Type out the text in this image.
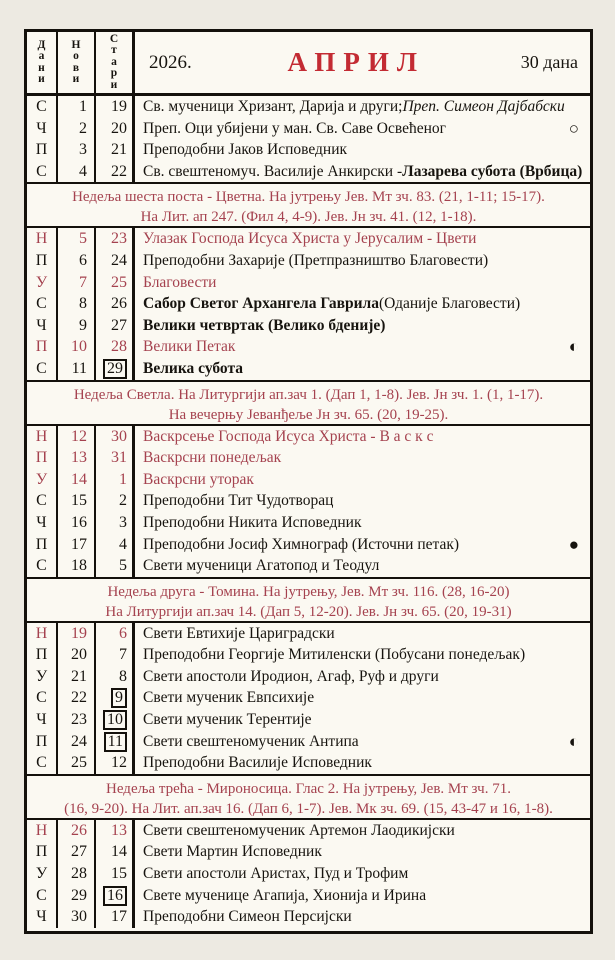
Д
а
н
и
Н
о
в
и
С
т
а
р
и
2026.	АПРИЛ	30 дана
С	1	19	Св. мученици Хризант, Дарија и други; Преп. Симеон Дајбабски
Ч	2	20	Преп. Оци убијени у ман. Св. Саве Освећеног	○
П	3	21	Преподобни Јаков Исповедник
С	4	22	Св. свештеномуч. Василије Анкирски - Лазарева субота (Врбица)
Недеља шеста поста - Цветна. На јутрењу Јев. Мт зч. 83. (21, 1-11; 15-17).
На Лит. ап 247. (Фил 4, 4-9). Јев. Јн зч. 41. (12, 1-18).
Н	5	23	Улазак Господа Исуса Христа у Јерусалим - Цвети
П	6	24	Преподобни Захарије (Претпразништво Благовести)
У	7	25	Благовести
С	8	26	Сабор Светог Архангела Гаврила (Оданије Благовести)
Ч	9	27	Велики четвртак (Велико бденије)
П	10	28	Велики Петак	◐
С	11	29	Велика субота
Недеља Светла. На Литургији ап.зач 1. (Дап 1, 1-8). Јев. Јн зч. 1. (1, 1-17).
На вечерњу Јеванђеље Јн зч. 65. (20, 19-25).
Н	12	30	Васкрсење Господа Исуса Христа - В а с к с
П	13	31	Васкрсни понедељак
У	14	1	Васкрсни уторак
С	15	2	Преподобни Тит Чудотворац
Ч	16	3	Преподобни Никита Исповедник
П	17	4	Преподобни Јосиф Химнограф (Источни петак)	●
С	18	5	Свети мученици Агатопод и Теодул
Недеља друга - Томина. На јутрењу, Јев. Мт зч. 116. (28, 16-20)
На Литургији ап.зач 14. (Дап 5, 12-20). Јев. Јн зч. 65. (20, 19-31)
Н	19	6	Свети Евтихије Цариградски
П	20	7	Преподобни Георгије Митиленски (Побусани понедељак)
У	21	8	Свети апостоли Иродион, Агаф, Руф и други
С	22	9	Свети мученик Евпсихије
Ч	23	10	Свети мученик Терентије
П	24	11	Свети свештеномученик Антипа	◐
С	25	12	Преподобни Василије Исповедник
Недеља трећа - Мироносица. Глас 2. На јутрењу, Јев. Мт зч. 71.
(16, 9-20). На Лит. ап.зач 16. (Дап 6, 1-7). Јев. Мк зч. 69. (15, 43-47 и 16, 1-8).
Н	26	13	Свети свештеномученик Артемон Лаодикијски
П	27	14	Свети Мартин Исповедник
У	28	15	Свети апостоли Аристах, Пуд и Трофим
С	29	16	Свете мученице Агапија, Хионија и Ирина
Ч	30	17	Преподобни Симеон Персијски
